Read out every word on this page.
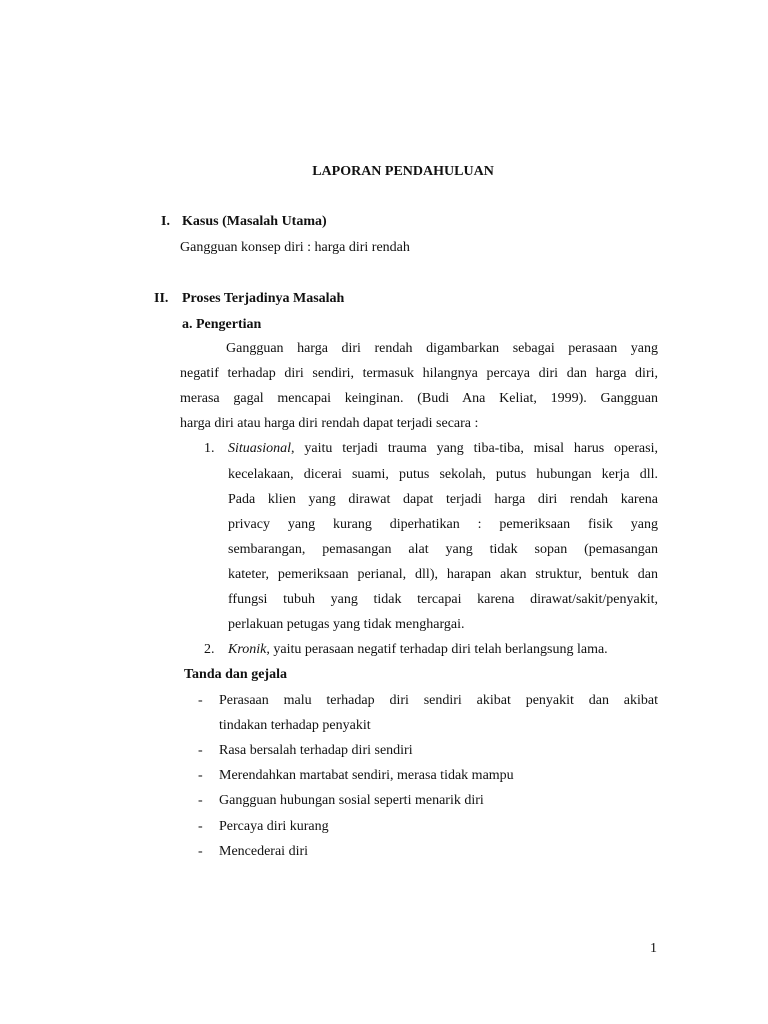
LAPORAN PENDAHULUAN
I. Kasus (Masalah Utama)
Gangguan konsep diri : harga diri rendah
II. Proses Terjadinya Masalah
a. Pengertian
Gangguan harga diri rendah digambarkan sebagai perasaan yang
negatif terhadap diri sendiri, termasuk hilangnya percaya diri dan harga diri,
merasa gagal mencapai keinginan. (Budi Ana Keliat, 1999). Gangguan
harga diri atau harga diri rendah dapat terjadi secara :
1. Situasional, yaitu terjadi trauma yang tiba-tiba, misal harus operasi,
kecelakaan, dicerai suami, putus sekolah, putus hubungan kerja dll.
Pada klien yang dirawat dapat terjadi harga diri rendah karena
privacy yang kurang diperhatikan : pemeriksaan fisik yang
sembarangan, pemasangan alat yang tidak sopan (pemasangan
kateter, pemeriksaan perianal, dll), harapan akan struktur, bentuk dan
ffungsi tubuh yang tidak tercapai karena dirawat/sakit/penyakit,
perlakuan petugas yang tidak menghargai.
2. Kronik, yaitu perasaan negatif terhadap diri telah berlangsung lama.
Tanda dan gejala
- Perasaan malu terhadap diri sendiri akibat penyakit dan akibat
tindakan terhadap penyakit
- Rasa bersalah terhadap diri sendiri
- Merendahkan martabat sendiri, merasa tidak mampu
- Gangguan hubungan sosial seperti menarik diri
- Percaya diri kurang
- Mencederai diri
1
